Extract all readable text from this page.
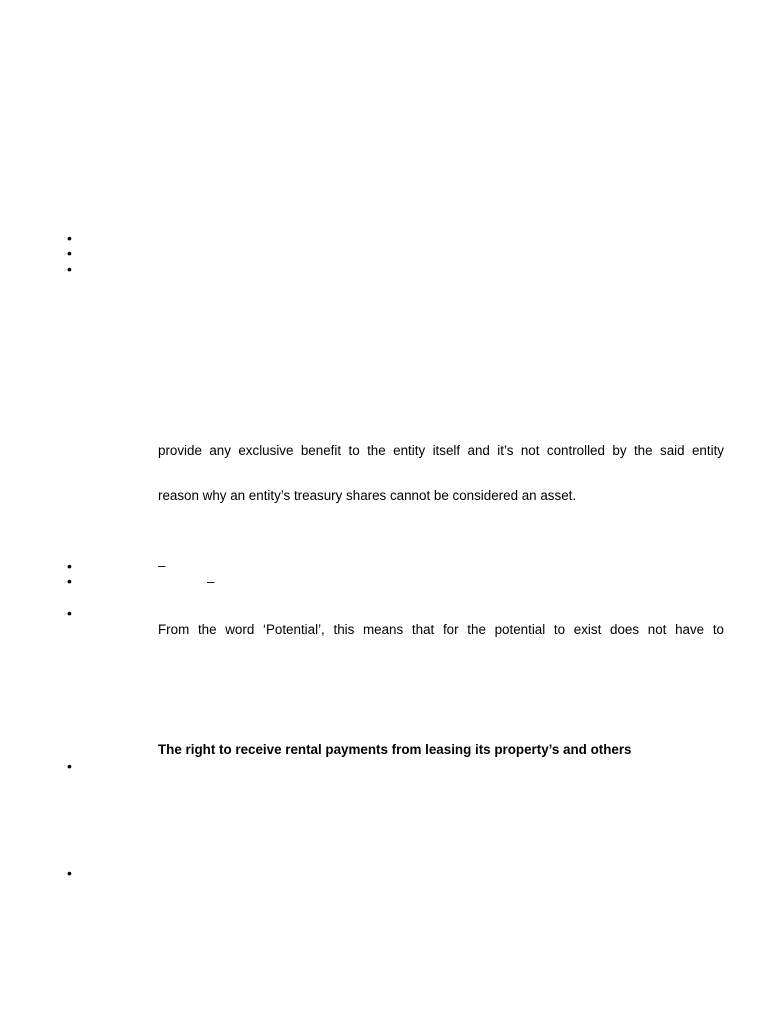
•
•
•
provide any exclusive benefit to the entity itself and it’s not controlled by the said entity
reason why an entity’s treasury shares cannot be considered an asset.
•
–
•
–
•
From the word ‘Potential’, this means that for the potential to exist does not have to
The right to receive rental payments from leasing its property’s and others
•
•
